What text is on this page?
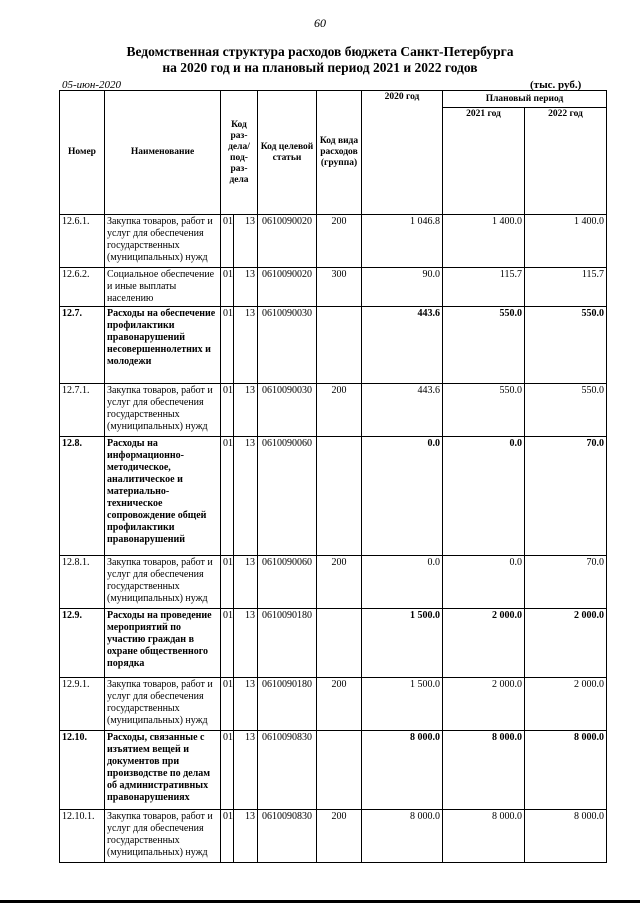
60
Ведомственная структура расходов бюджета Санкт-Петербурга
на 2020 год и на плановый период 2021 и 2022 годов
05-июн-2020	(тыс. руб.)
Номер	Наименование	Код раз-дела/ под-раз-дела		Код целевой статьи	Код вида расходов (группа)	2020 год	Плановый период	
							2021 год	2022 год
12.6.1.	Закупка товаров, работ и услуг для обеспечения государственных (муниципальных) нужд	01	13	0610090020	200	1 046.8	1 400.0	1 400.0
12.6.2.	Социальное обеспечение и иные выплаты населению	01	13	0610090020	300	90.0	115.7	115.7
12.7.	Расходы на обеспечение профилактики правонарушений несовершеннолетних и молодежи	01	13	0610090030		443.6	550.0	550.0
12.7.1.	Закупка товаров, работ и услуг для обеспечения государственных (муниципальных) нужд	01	13	0610090030	200	443.6	550.0	550.0
12.8.	Расходы на информационно-методическое, аналитическое и материально-техническое сопровождение общей профилактики правонарушений	01	13	0610090060		0.0	0.0	70.0
12.8.1.	Закупка товаров, работ и услуг для обеспечения государственных (муниципальных) нужд	01	13	0610090060	200	0.0	0.0	70.0
12.9.	Расходы на проведение мероприятий по участию граждан в охране общественного порядка	01	13	0610090180		1 500.0	2 000.0	2 000.0
12.9.1.	Закупка товаров, работ и услуг для обеспечения государственных (муниципальных) нужд	01	13	0610090180	200	1 500.0	2 000.0	2 000.0
12.10.	Расходы, связанные с изъятием вещей и документов при производстве по делам об административных правонарушениях	01	13	0610090830		8 000.0	8 000.0	8 000.0
12.10.1.	Закупка товаров, работ и услуг для обеспечения государственных (муниципальных) нужд	01	13	0610090830	200	8 000.0	8 000.0	8 000.0
